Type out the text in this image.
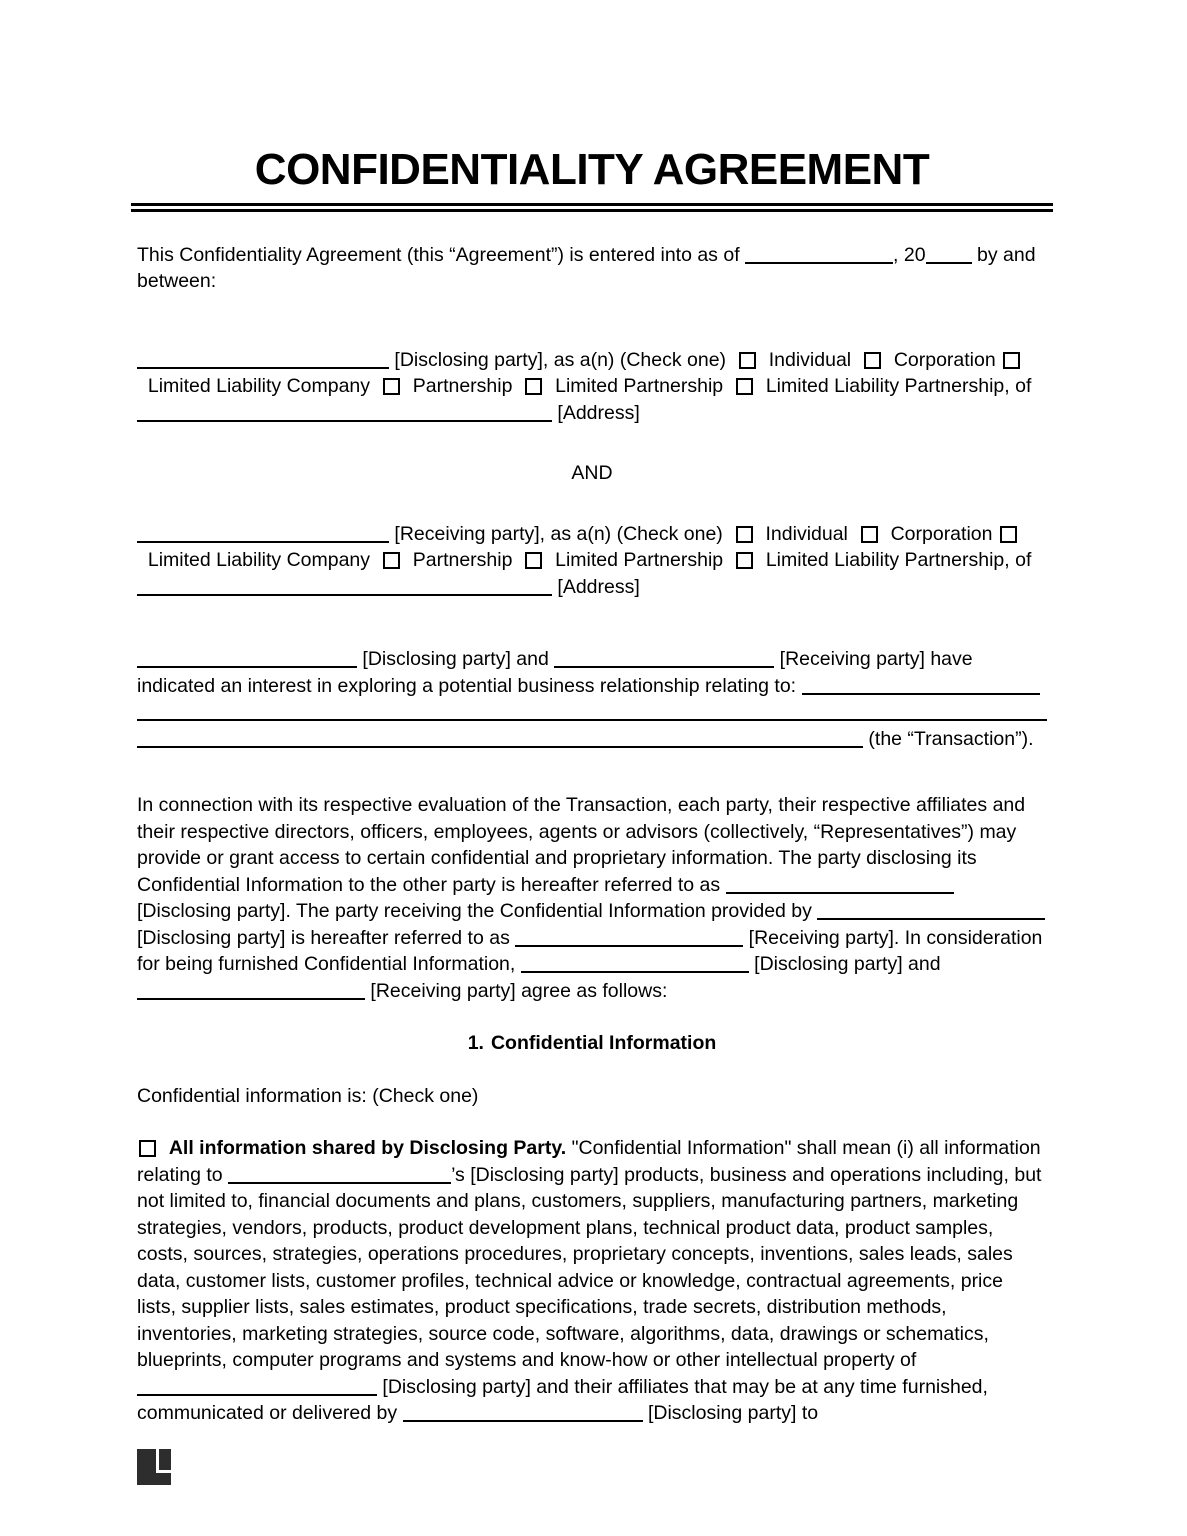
CONFIDENTIALITY AGREEMENT

This Confidentiality Agreement (this “Agreement”) is entered into as of	, 20 by and between:

[Disclosing party], as a(n) (Check one) Individual Corporation   Limited Liability Company Partnership Limited Partnership Limited Liability Partnership, of  [Address]

AND

[Receiving party], as a(n) (Check one) Individual Corporation   Limited Liability Company Partnership Limited Partnership Limited Liability Partnership, of  [Address]

[Disclosing party] and	[Receiving party] have indicated an interest in exploring a potential business relationship relating to:  (the “Transaction”).

In connection with its respective evaluation of the Transaction, each party, their respective affiliates and their respective directors, officers, employees, agents or advisors (collectively, “Representatives”) may provide or grant access to certain confidential and proprietary information. The party disclosing its Confidential Information to the other party is hereafter referred to as  [Disclosing party]. The party receiving the Confidential Information provided by  [Disclosing party] is hereafter referred to as	[Receiving party]. In consideration for being furnished Confidential Information,	[Disclosing party] and  [Receiving party] agree as follows:

1. Confidential Information

Confidential information is: (Check one)

All information shared by Disclosing Party. "Confidential Information" shall mean (i) all information relating to	’s [Disclosing party] products, business and operations including, but not limited to, financial documents and plans, customers, suppliers, manufacturing partners, marketing strategies, vendors, products, product development plans, technical product data, product samples, costs, sources, strategies, operations procedures, proprietary concepts, inventions, sales leads, sales data, customer lists, customer profiles, technical advice or knowledge, contractual agreements, price lists, supplier lists, sales estimates, product specifications, trade secrets, distribution methods, inventories, marketing strategies, source code, software, algorithms, data, drawings or schematics, blueprints, computer programs and systems and know-how or other intellectual property of  [Disclosing party] and their affiliates that may be at any time furnished, communicated or delivered by	[Disclosing party] to
